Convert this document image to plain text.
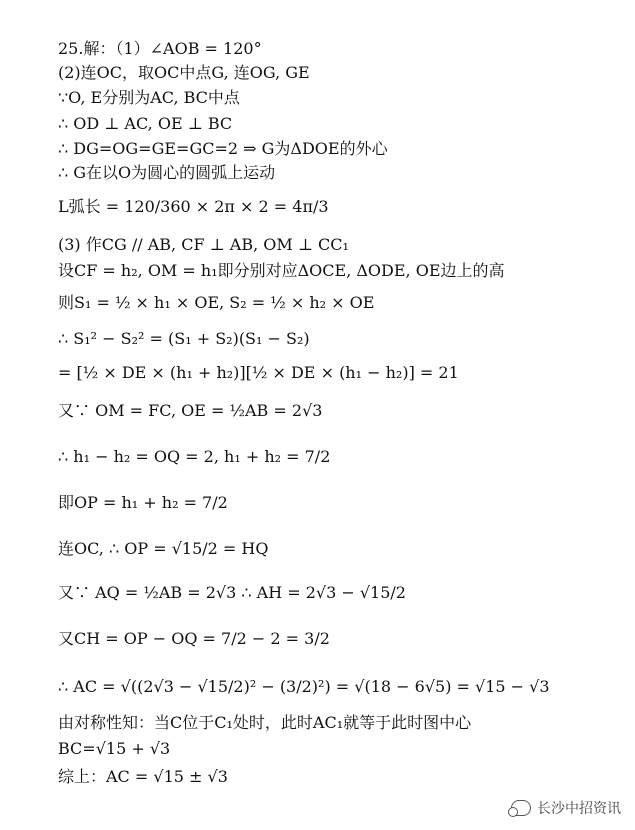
25.解：（1）∠AOB = 120°
(2)连OC，取OC中点G, 连OG, GE
∵O, E分别为AC, BC中点
∴ OD ⊥ AC, OE ⊥ BC
∴ DG=OG=GE=GC=2 ⇒ G为ΔDOE的外心
∴ G在以O为圆心的圆弧上运动
L弧长 = 120/360 × 2π × 2 = 4π/3
(3) 作CG // AB, CF ⊥ AB, OM ⊥ CC₁
设CF = h₂, OM = h₁即分别对应ΔOCE, ΔODE, OE边上的高
则S₁ = ½ × h₁ × OE, S₂ = ½ × h₂ × OE
∴ S₁² − S₂² = (S₁ + S₂)(S₁ − S₂)
= [½ × DE × (h₁ + h₂)][½ × DE × (h₁ − h₂)] = 21
又∵ OM = FC, OE = ½AB = 2√3
∴ h₁ − h₂ = OQ = 2, h₁ + h₂ = 7/2
即OP = h₁ + h₂ = 7/2
连OC, ∴ OP = √15/2 = HQ
又∵ AQ = ½AB = 2√3 ∴ AH = 2√3 − √15/2
又CH = OP − OQ = 7/2 − 2 = 3/2
∴ AC = √((2√3 − √15/2)² − (3/2)²) = √(18 − 6√5) = √15 − √3
由对称性知：当C位于C₁处时，此时AC₁就等于此时图中心
BC=√15 + √3
综上：AC = √15 ± √3
长沙中招资讯
